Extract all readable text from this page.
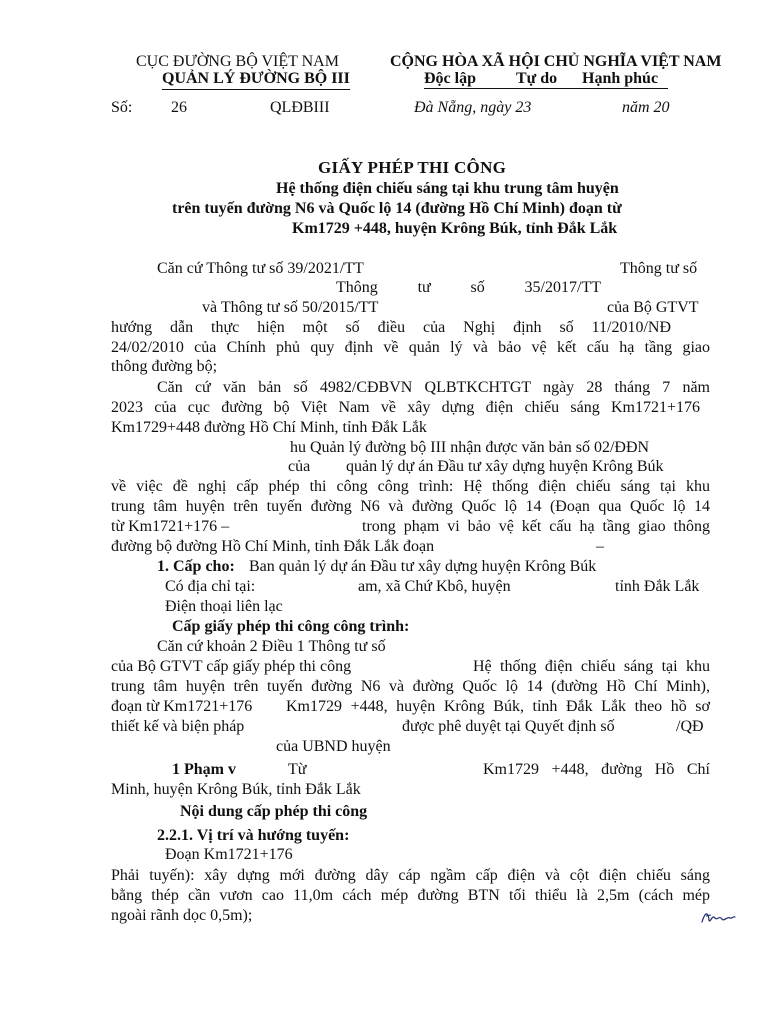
CỤC ĐƯỜNG BỘ VIỆT NAM
QUẢN LÝ ĐƯỜNG BỘ III
Số: 26	QLĐBIII
CỘNG HÒA XÃ HỘI CHỦ NGHĨA VIỆT NAM
Độc lập	Tự do Hạnh phúc
Đà Nẵng, ngày 23	năm 20
GIẤY PHÉP THI CÔNG
Hệ thống điện chiếu sáng tại khu trung tâm huyện
trên tuyến đường N6 và Quốc lộ 14 (đường Hồ Chí Minh) đoạn từ
Km1729 +448, huyện Krông Búk, tỉnh Đắk Lắk
Căn cứ Thông tư số 39/2021/TT	Thông tư số
Thông tư số 35/2017/TT
và Thông tư số 50/2015/TT	của Bộ GTVT
hướng dẫn thực hiện một số điều của Nghị định số 11/2010/NĐ
24/02/2010 của Chính phủ quy định về quản lý và bảo vệ kết cấu hạ tầng giao
thông đường bộ;
Căn cứ văn bản số 4982/CĐBVN QLBTKCHTGT ngày 28 tháng 7 năm
2023 của cục đường bộ Việt Nam về xây dựng điện chiếu sáng Km1721+176
Km1729+448 đường Hồ Chí Minh, tỉnh Đắk Lắk
hu Quản lý đường bộ III nhận được văn bản số 02/ĐĐN
của quản lý dự án Đầu tư xây dựng huyện Krông Búk
về việc đề nghị cấp phép thi công công trình: Hệ thống điện chiếu sáng tại khu
trung tâm huyện trên tuyến đường N6 và đường Quốc lộ 14 (Đoạn qua Quốc lộ 14
từ Km1721+176 –	trong phạm vi bảo vệ kết cấu hạ tầng giao thông
đường bộ đường Hồ Chí Minh, tỉnh Đắk Lắk đoạn	–
1. Cấp cho: Ban quản lý dự án Đầu tư xây dựng huyện Krông Búk
Có địa chỉ tại:	am, xã Chứ Kbô, huyện	tỉnh Đắk Lắk
Điện thoại liên lạc
Cấp giấy phép thi công công trình:
Căn cứ khoản 2 Điều 1 Thông tư số
của Bộ GTVT cấp giấy phép thi công	Hệ thống điện chiếu sáng tại khu
trung tâm huyện trên tuyến đường N6 và đường Quốc lộ 14 (đường Hồ Chí Minh),
đoạn từ Km1721+176 Km1729 +448, huyện Krông Búk, tỉnh Đắk Lắk theo hồ sơ
thiết kế và biện pháp	được phê duyệt tại Quyết định số	/QĐ
của UBND huyện
1 Phạm v	Từ	Km1729 +448, đường Hồ Chí
Minh, huyện Krông Búk, tỉnh Đắk Lắk
Nội dung cấp phép thi công
2.2.1. Vị trí và hướng tuyến:
Đoạn Km1721+176
Phải tuyến): xây dựng mới đường dây cáp ngầm cấp điện và cột điện chiếu sáng
bằng thép cần vươn cao 11,0m cách mép đường BTN tối thiểu là 2,5m (cách mép
ngoài rãnh dọc 0,5m);
